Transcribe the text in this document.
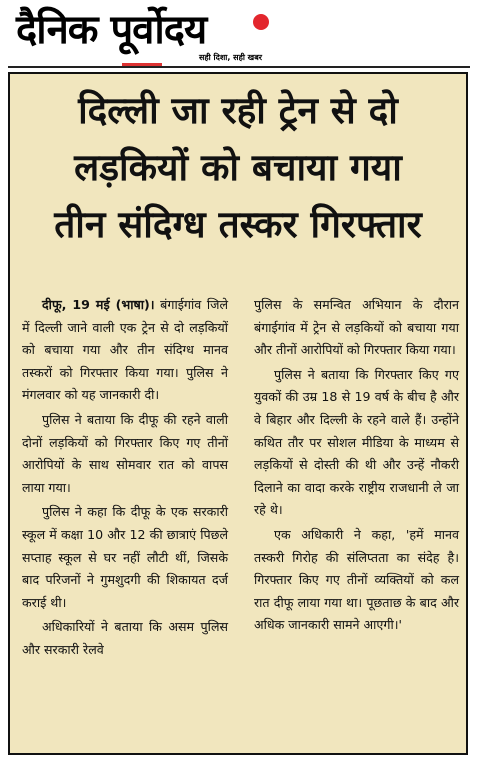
दैनिक पूर्वोदय
सही दिशा, सही खबर
दिल्ली जा रही ट्रेन से दो
लड़कियों को बचाया गया
तीन संदिग्ध तस्कर गिरफ्तार

दीफू, 19 मई (भाषा)। बंगाईगांव जिले में दिल्ली जाने वाली एक ट्रेन से दो लड़कियों को बचाया गया और तीन संदिग्ध मानव तस्करों को गिरफ्तार किया गया। पुलिस ने मंगलवार को यह जानकारी दी।

पुलिस ने बताया कि दीफू की रहने वाली दोनों लड़कियों को गिरफ्तार किए गए तीनों आरोपियों के साथ सोमवार रात को वापस लाया गया।

पुलिस ने कहा कि दीफू के एक सरकारी स्कूल में कक्षा 10 और 12 की छात्राएं पिछले सप्ताह स्कूल से घर नहीं लौटी थीं, जिसके बाद परिजनों ने गुमशुदगी की शिकायत दर्ज कराई थी।

अधिकारियों ने बताया कि असम पुलिस और सरकारी रेलवे

पुलिस के समन्वित अभियान के दौरान बंगाईगांव में ट्रेन से लड़कियों को बचाया गया और तीनों आरोपियों को गिरफ्तार किया गया।

पुलिस ने बताया कि गिरफ्तार किए गए युवकों की उम्र 18 से 19 वर्ष के बीच है और वे बिहार और दिल्ली के रहने वाले हैं। उन्होंने कथित तौर पर सोशल मीडिया के माध्यम से लड़कियों से दोस्ती की थी और उन्हें नौकरी दिलाने का वादा करके राष्ट्रीय राजधानी ले जा रहे थे।

एक अधिकारी ने कहा, 'हमें मानव तस्करी गिरोह की संलिप्तता का संदेह है। गिरफ्तार किए गए तीनों व्यक्तियों को कल रात दीफू लाया गया था। पूछताछ के बाद और अधिक जानकारी सामने आएगी।'
